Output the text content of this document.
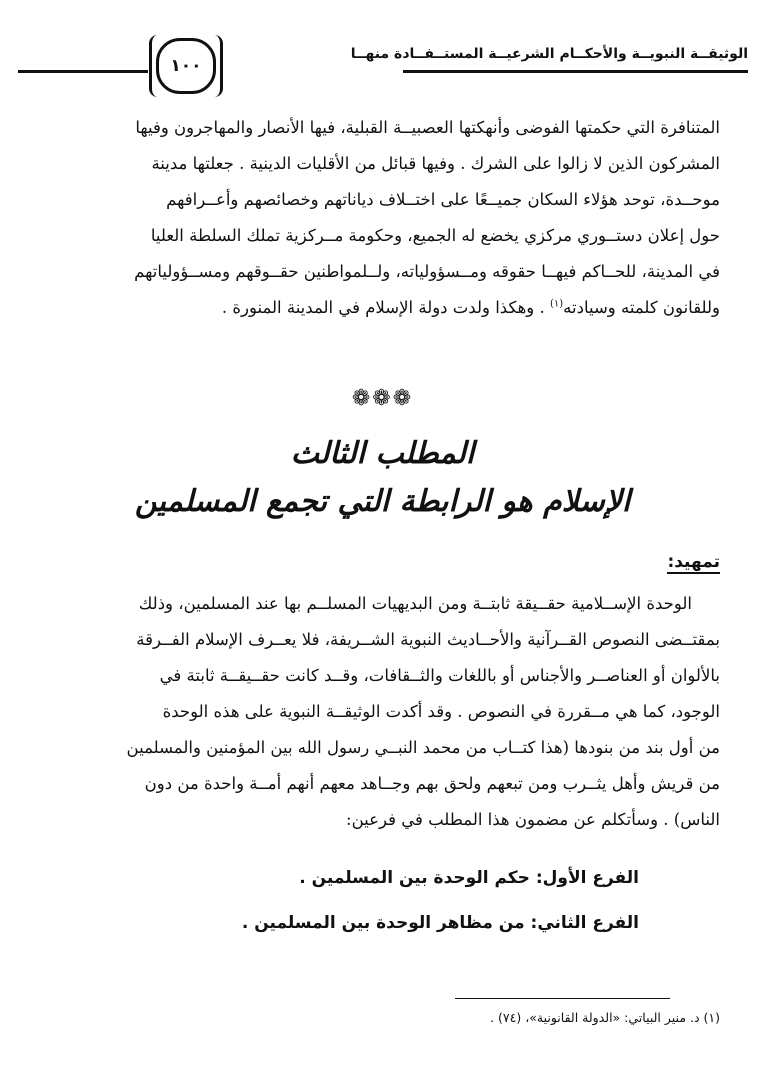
١٠٠
الوثيقــة النبويــة والأحكــام الشرعيــة المستــفــادة منهــا

المتنافرة التي حكمتها الفوضى وأنهكتها العصبيــة القبلية، فيها الأنصار والمهاجرون وفيها

المشركون الذين لا زالوا على الشرك . وفيها قبائل من الأقليات الدينية . جعلتها مدينة

موحــدة، توحد هؤلاء السكان جميــعًا على اختــلاف دياناتهم وخصائصهم وأعــرافهم

حول إعلان دستــوري مركزي يخضع له الجميع، وحكومة مــركزية تملك السلطة العليا

في المدينة، للحــاكم فيهــا حقوقه ومــسؤولياته، ولــلمواطنين حقــوقهم ومســؤولياتهم

وللقانون كلمته وسيادته$^{(١)}$ . وهكذا ولدت دولة الإسلام في المدينة المنورة .

❁❁❁
المطلب الثالث
الإسلام هو الرابطة التي تجمع المسلمين
تمهيد:

الوحدة الإســلامية حقــيقة ثابتــة ومن البديهيات المسلــم بها عند المسلمين، وذلك

بمقتــضى النصوص القــرآنية والأحــاديث النبوية الشــريفة، فلا يعــرف الإسلام الفــرقة

بالألوان أو العناصــر والأجناس أو باللغات والثــقافات، وقــد كانت حقــيقــة ثابتة في

الوجود، كما هي مــقررة في النصوص . وقد أكدت الوثيقــة النبوية على هذه الوحدة

من أول بند من بنودها (هذا كتــاب من محمد النبــي رسول الله بين المؤمنين والمسلمين

من قريش وأهل يثــرب ومن تبعهم ولحق بهم وجــاهد معهم أنهم أمــة واحدة من دون

الناس) . وسأتكلم عن مضمون هذا المطلب في فرعين:

الفرع الأول: حكم الوحدة بين المسلمين .
الفرع الثاني: من مظاهر الوحدة بين المسلمين .
(١) د. منير البياتي: «الدولة القانونية»، (٧٤) .
